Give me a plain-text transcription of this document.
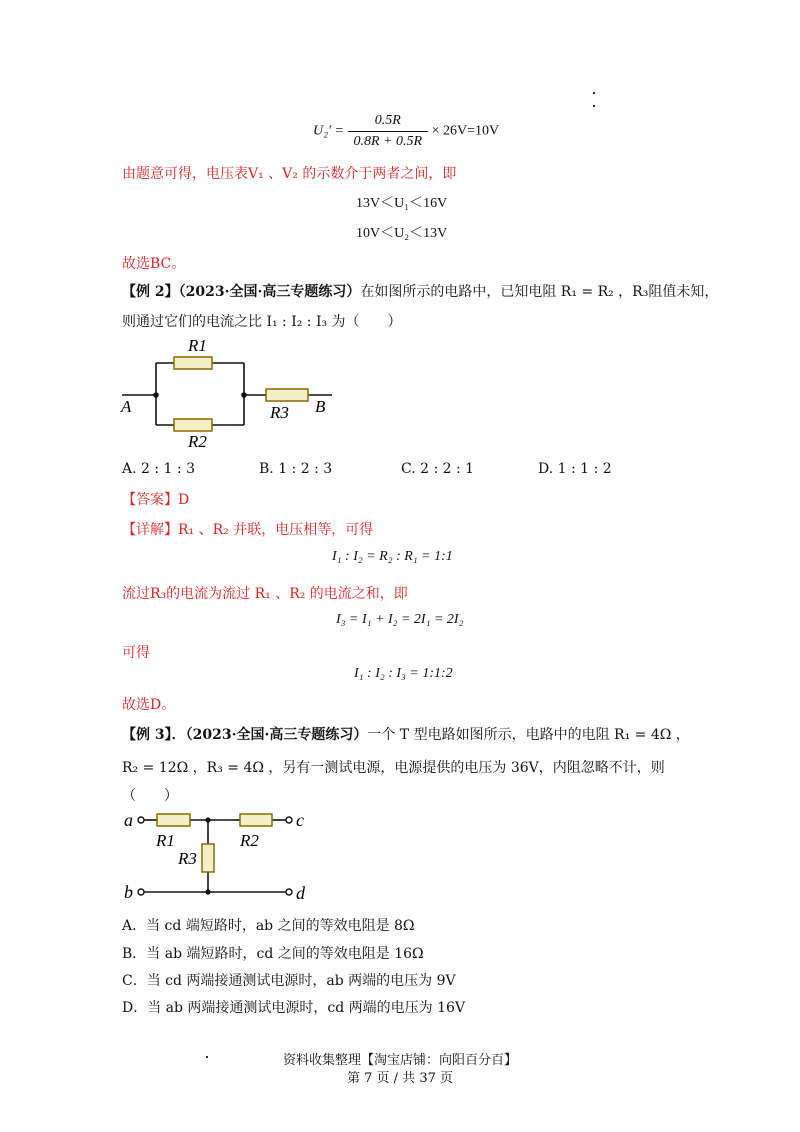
$U_2' = \frac{0.5R}{0.8R + 0.5R} \times 26V=10V$
由题意可得，电压表V₁ 、V₂ 的示数介于两者之间，即
13V＜U₁＜16V
10V＜U₂＜13V
故选BC。
【例 2】（2023·全国·高三专题练习）在如图所示的电路中，已知电阻 R₁ = R₂ ，R₃阻值未知，
则通过它们的电流之比 I₁ : I₂ : I₃ 为（　　）
R1
R2
R3
A	B
A. 2 : 1 : 3	B. 1 : 2 : 3	C. 2 : 2 : 1	D. 1 : 1 : 2
【答案】D
【详解】R₁ 、R₂ 并联，电压相等，可得
I₁ : I₂ = R₂ : R₁ = 1:1
流过R₃的电流为流过 R₁ 、R₂ 的电流之和，即
I₃ = I₁ + I₂ = 2I₁ = 2I₂
可得
I₁ : I₂ : I₃ = 1:1:2
故选D。
【例 3】．（2023·全国·高三专题练习）一个 T 型电路如图所示，电路中的电阻 R₁ = 4Ω ，
R₂ = 12Ω ，R₃ = 4Ω ，另有一测试电源，电源提供的电压为 36V，内阻忽略不计，则
（　　）
a	c
b	d
R1	R2
R3
A．当 cd 端短路时，ab 之间的等效电阻是 8Ω
B．当 ab 端短路时，cd 之间的等效电阻是 16Ω
C．当 cd 两端接通测试电源时，ab 两端的电压为 9V
D．当 ab 两端接通测试电源时，cd 两端的电压为 16V
资料收集整理【淘宝店铺：向阳百分百】
第 7 页 / 共 37 页
